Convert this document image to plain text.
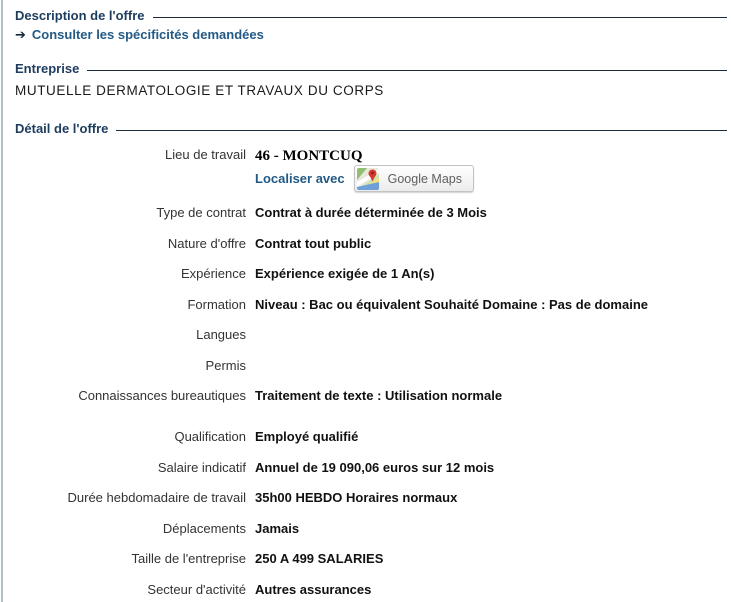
Description de l'offre
➔ Consulter les spécificités demandées
Entreprise
MUTUELLE DERMATOLOGIE ET TRAVAUX DU CORPS
Détail de l'offre
Lieu de travail 46 - MONTCUQ
Localiser avec	Google Maps
Type de contrat Contrat à durée déterminée de 3 Mois
Nature d'offre Contrat tout public
Expérience Expérience exigée de 1 An(s)
Formation Niveau : Bac ou équivalent Souhaité Domaine : Pas de domaine
Langues
Permis
Connaissances bureautiques Traitement de texte : Utilisation normale
Qualification Employé qualifié
Salaire indicatif Annuel de 19 090,06 euros sur 12 mois
Durée hebdomadaire de travail 35h00 HEBDO Horaires normaux
Déplacements Jamais
Taille de l'entreprise 250 A 499 SALARIES
Secteur d'activité Autres assurances
